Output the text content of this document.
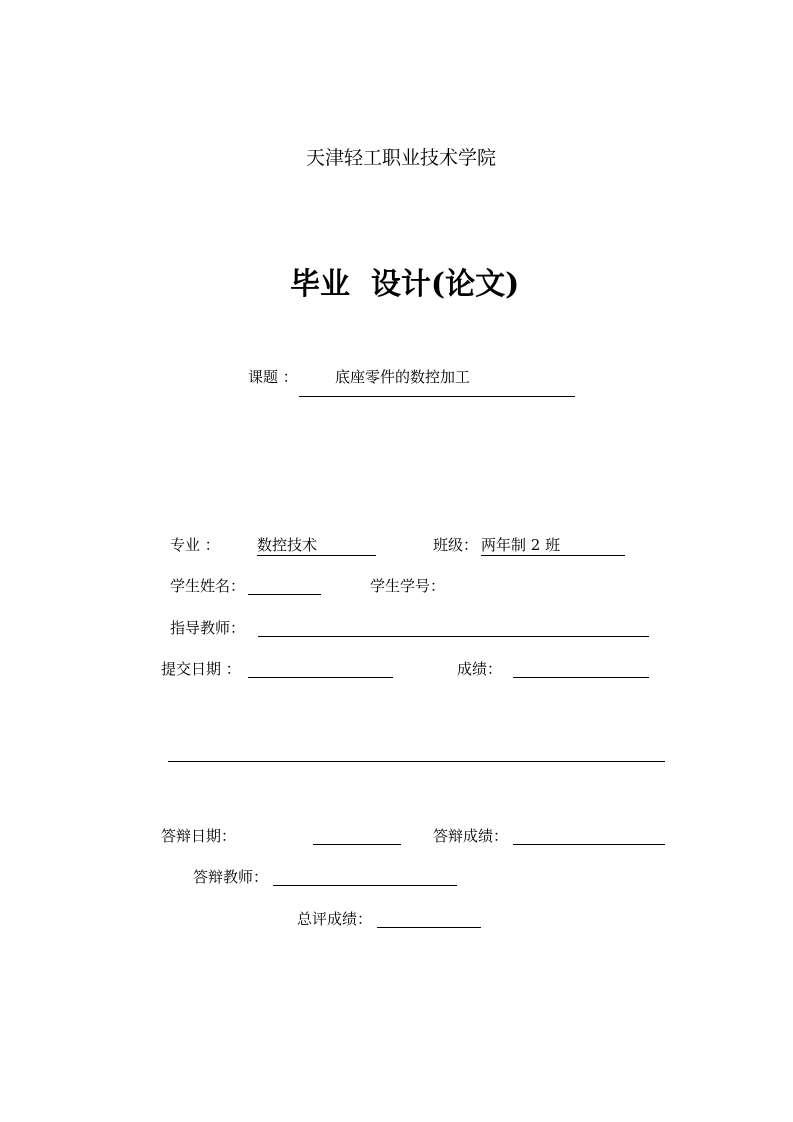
天津轻工职业技术学院
毕业  设计(论文)
课题 ： 底座零件的数控加工
专业 ： 数控技术	班级： 两年制 2 班
学生姓名：	学生学号：
指导教师：
提交日期 ：	成绩：
答辩日期：	答辩成绩：
答辩教师：
总评成绩：
